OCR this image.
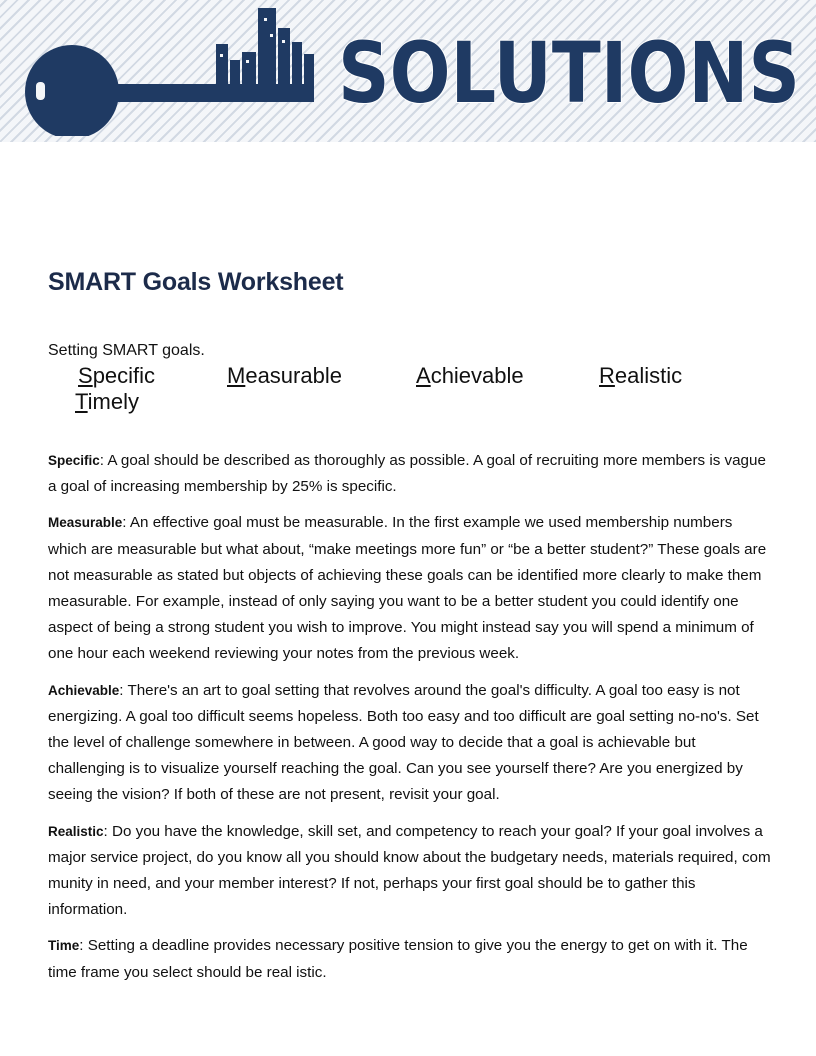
SOLUTIONS
SMART Goals Worksheet

Setting SMART goals.

Specific	Measurable	Achievable	Realistic
Timely

Specific: A goal should be described as thoroughly as possible. A goal of recruiting more members is vague a goal of increasing membership by 25% is specific.

Measurable: An effective goal must be measurable. In the first example we used membership numbers which are measurable but what about, “make meetings more fun” or “be a better student?” These goals are not measurable as stated but objects of achieving these goals can be identified more clearly to make them measurable. For example, instead of only saying you want to be a better student you could identify one aspect of being a strong student you wish to improve. You might instead say you will spend a minimum of one hour each weekend reviewing your notes from the previous week.

Achievable: There's an art to goal setting that revolves around the goal's difficulty. A goal too easy is not energizing. A goal too difficult seems hopeless. Both too easy and too difficult are goal setting no-no's. Set the level of challenge somewhere in between. A good way to decide that a goal is achievable but challenging is to visualize yourself reaching the goal. Can you see yourself there? Are you energized by seeing the vision? If both of these are not present, revisit your goal.

Realistic: Do you have the knowledge, skill set, and competency to reach your goal? If your goal involves a major service project, do you know all you should know about the budgetary needs, materials required, com munity in need, and your member interest? If not, perhaps your first goal should be to gather this information.

Time: Setting a deadline provides necessary positive tension to give you the energy to get on with it. The time frame you select should be real istic.
